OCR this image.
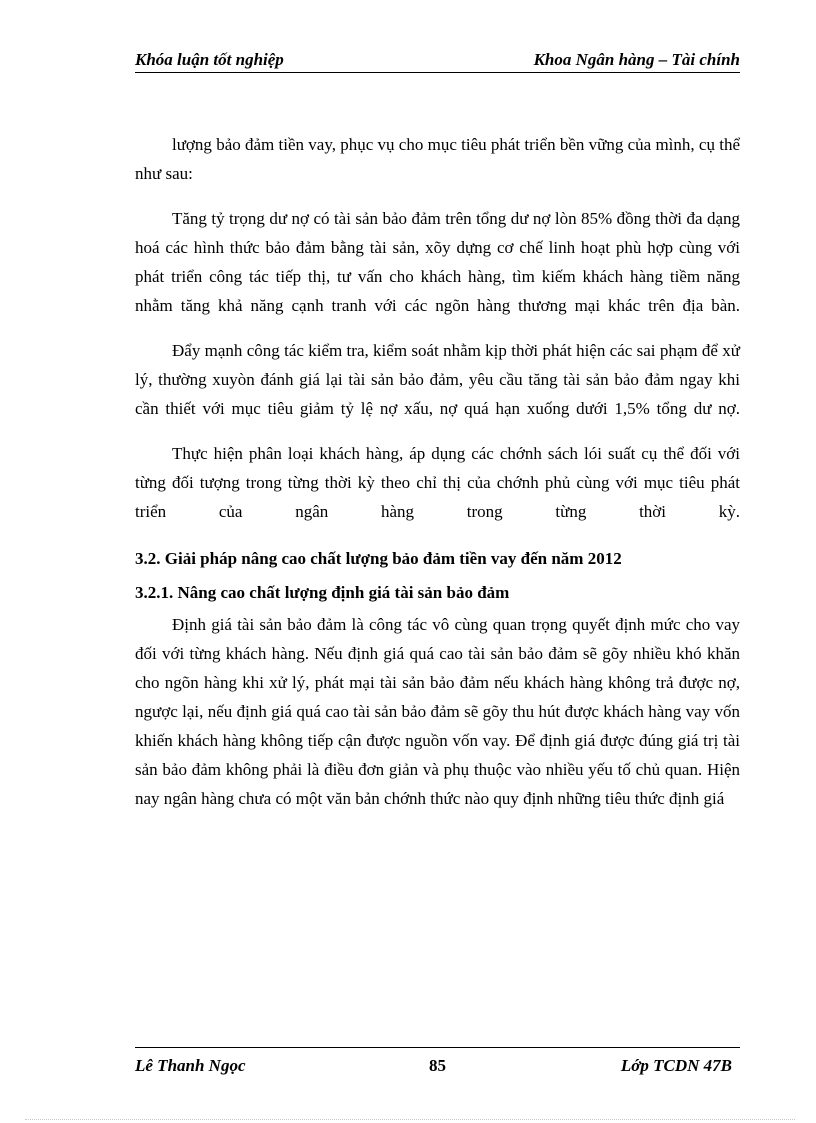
Khóa luận tốt nghiệp	Khoa Ngân hàng – Tài chính

lượng bảo đảm tiền vay, phục vụ cho mục tiêu phát triển bền vững của mình, cụ thể như sau:

Tăng tỷ trọng dư nợ có tài sản bảo đảm trên tổng dư nợ lòn 85% đồng thời đa dạng hoá các hình thức bảo đảm bằng tài sản, xõy dựng cơ chế linh hoạt phù hợp cùng với phát triển công tác tiếp thị, tư vấn cho khách hàng, tìm kiếm khách hàng tiềm năng nhằm tăng khả năng cạnh tranh với các ngõn hàng thương mại khác trên địa bàn.

Đẩy mạnh công tác kiểm tra, kiểm soát nhằm kịp thời phát hiện các sai phạm để xử lý, thường xuyòn đánh giá lại tài sản bảo đảm, yêu cầu tăng tài sản bảo đảm ngay khi cần thiết với mục tiêu giảm tỷ lệ nợ xấu, nợ quá hạn xuống dưới 1,5% tổng dư nợ.

Thực hiện phân loại khách hàng, áp dụng các chớnh sách lói suất cụ thể đối với từng đối tượng trong từng thời kỳ theo chỉ thị của chớnh phủ cùng với mục tiêu phát triển của ngân hàng trong từng thời kỳ.

3.2. Giải pháp nâng cao chất lượng bảo đảm tiền vay đến năm 2012
3.2.1. Nâng cao chất lượng định giá tài sản bảo đảm

Định giá tài sản bảo đảm là công tác vô cùng quan trọng quyết định mức cho vay đối với từng khách hàng. Nếu định giá quá cao tài sản bảo đảm sẽ gõy nhiều khó khăn cho ngõn hàng khi xử lý, phát mại tài sản bảo đảm nếu khách hàng không trả được nợ, ngược lại, nếu định giá quá cao tài sản bảo đảm sẽ gõy thu hút được khách hàng vay vốn khiến khách hàng không tiếp cận được nguồn vốn vay. Để định giá được đúng giá trị tài sản bảo đảm không phải là điều đơn giản và phụ thuộc vào nhiều yếu tố chủ quan. Hiện nay ngân hàng chưa có một văn bản chớnh thức nào quy định những tiêu thức định giá

Lê Thanh Ngọc	85	Lớp TCDN 47B
